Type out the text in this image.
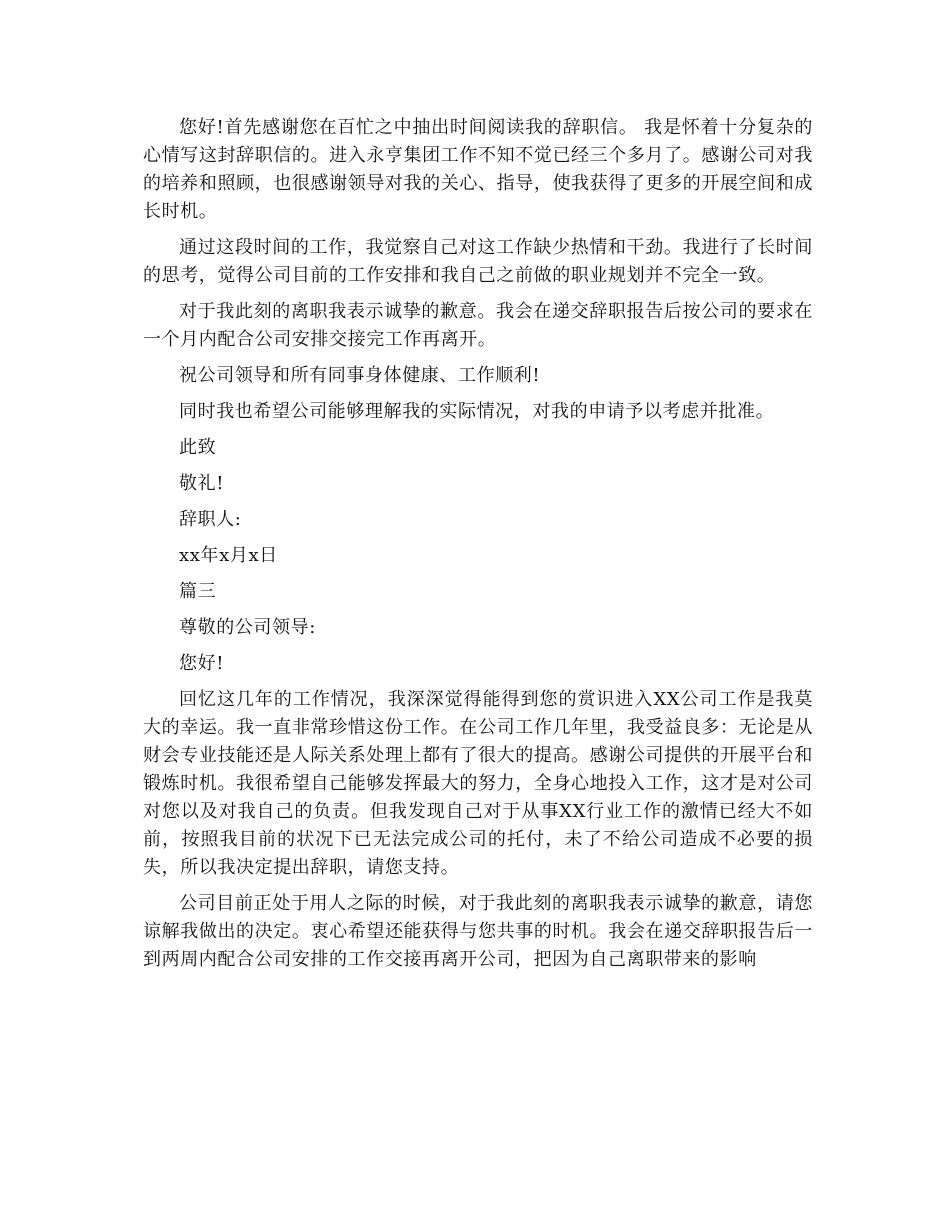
您好!首先感谢您在百忙之中抽出时间阅读我的辞职信。 我是怀着十分复杂的心情写这封辞职信的。进入永亨集团工作不知不觉已经三个多月了。感谢公司对我的培养和照顾，也很感谢领导对我的关心、指导，使我获得了更多的开展空间和成长时机。

通过这段时间的工作，我觉察自己对这工作缺少热情和干劲。我进行了长时间的思考，觉得公司目前的工作安排和我自己之前做的职业规划并不完全一致。

对于我此刻的离职我表示诚挚的歉意。我会在递交辞职报告后按公司的要求在一个月内配合公司安排交接完工作再离开。

祝公司领导和所有同事身体健康、工作顺利!

同时我也希望公司能够理解我的实际情况，对我的申请予以考虑并批准。

此致

敬礼!

辞职人:

xx年x月x日

篇三

尊敬的公司领导:

您好!

回忆这几年的工作情况，我深深觉得能得到您的赏识进入XX公司工作是我莫大的幸运。我一直非常珍惜这份工作。在公司工作几年里，我受益良多：无论是从财会专业技能还是人际关系处理上都有了很大的提高。感谢公司提供的开展平台和锻炼时机。我很希望自己能够发挥最大的努力，全身心地投入工作，这才是对公司对您以及对我自己的负责。但我发现自己对于从事XX行业工作的激情已经大不如前，按照我目前的状况下已无法完成公司的托付，未了不给公司造成不必要的损失，所以我决定提出辞职，请您支持。

公司目前正处于用人之际的时候，对于我此刻的离职我表示诚挚的歉意，请您谅解我做出的决定。衷心希望还能获得与您共事的时机。我会在递交辞职报告后一到两周内配合公司安排的工作交接再离开公司，把因为自己离职带来的影响
